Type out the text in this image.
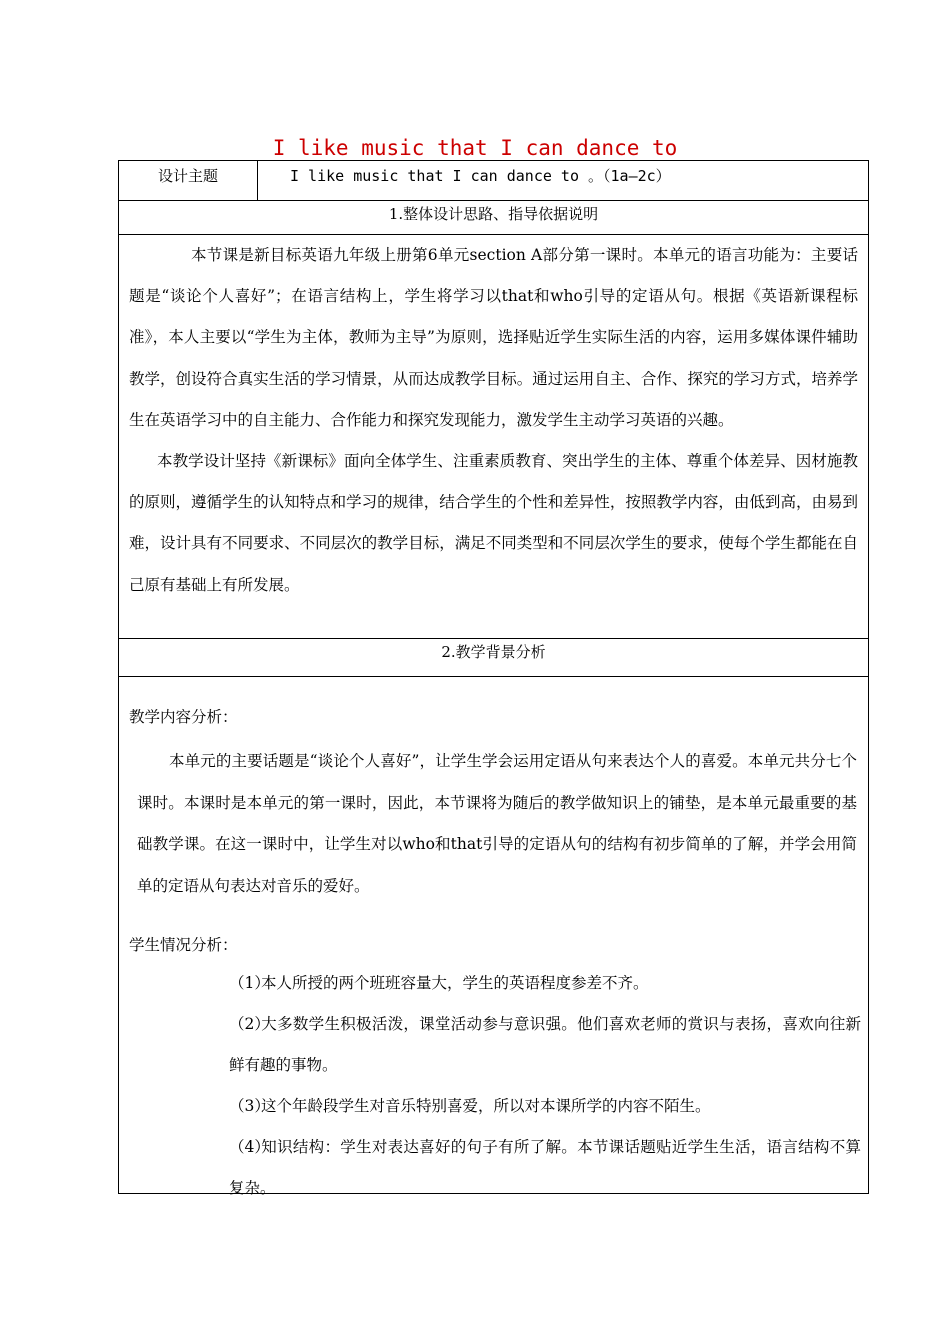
I like music that I can dance to
设计主题	I like music that I can dance to 。（1a—2c）
1.整体设计思路、指导依据说明

本节课是新目标英语九年级上册第6单元section A部分第一课时。本单元的语言功能为：主要话题是“谈论个人喜好”；在语言结构上，学生将学习以that和who引导的定语从句。根据《英语新课程标准》，本人主要以“学生为主体，教师为主导”为原则，选择贴近学生实际生活的内容，运用多媒体课件辅助教学，创设符合真实生活的学习情景，从而达成教学目标。通过运用自主、合作、探究的学习方式，培养学生在英语学习中的自主能力、合作能力和探究发现能力，激发学生主动学习英语的兴趣。

本教学设计坚持《新课标》面向全体学生、注重素质教育、突出学生的主体、尊重个体差异、因材施教的原则，遵循学生的认知特点和学习的规律，结合学生的个性和差异性，按照教学内容，由低到高，由易到难，设计具有不同要求、不同层次的教学目标，满足不同类型和不同层次学生的要求，使每个学生都能在自己原有基础上有所发展。

2.教学背景分析
教学内容分析：

本单元的主要话题是“谈论个人喜好”，让学生学会运用定语从句来表达个人的喜爱。本单元共分七个课时。本课时是本单元的第一课时，因此，本节课将为随后的教学做知识上的铺垫，是本单元最重要的基础教学课。在这一课时中，让学生对以who和that引导的定语从句的结构有初步简单的了解，并学会用简单的定语从句表达对音乐的爱好。

学生情况分析：
（1）本人所授的两个班班容量大，学生的英语程度参差不齐。
（2）大多数学生积极活泼，课堂活动参与意识强。他们喜欢老师的赏识与表扬，喜欢向往新鲜有趣的事物。
（3）这个年龄段学生对音乐特别喜爱，所以对本课所学的内容不陌生。
（4）知识结构：学生对表达喜好的句子有所了解。本节课话题贴近学生生活，语言结构不算复杂。
